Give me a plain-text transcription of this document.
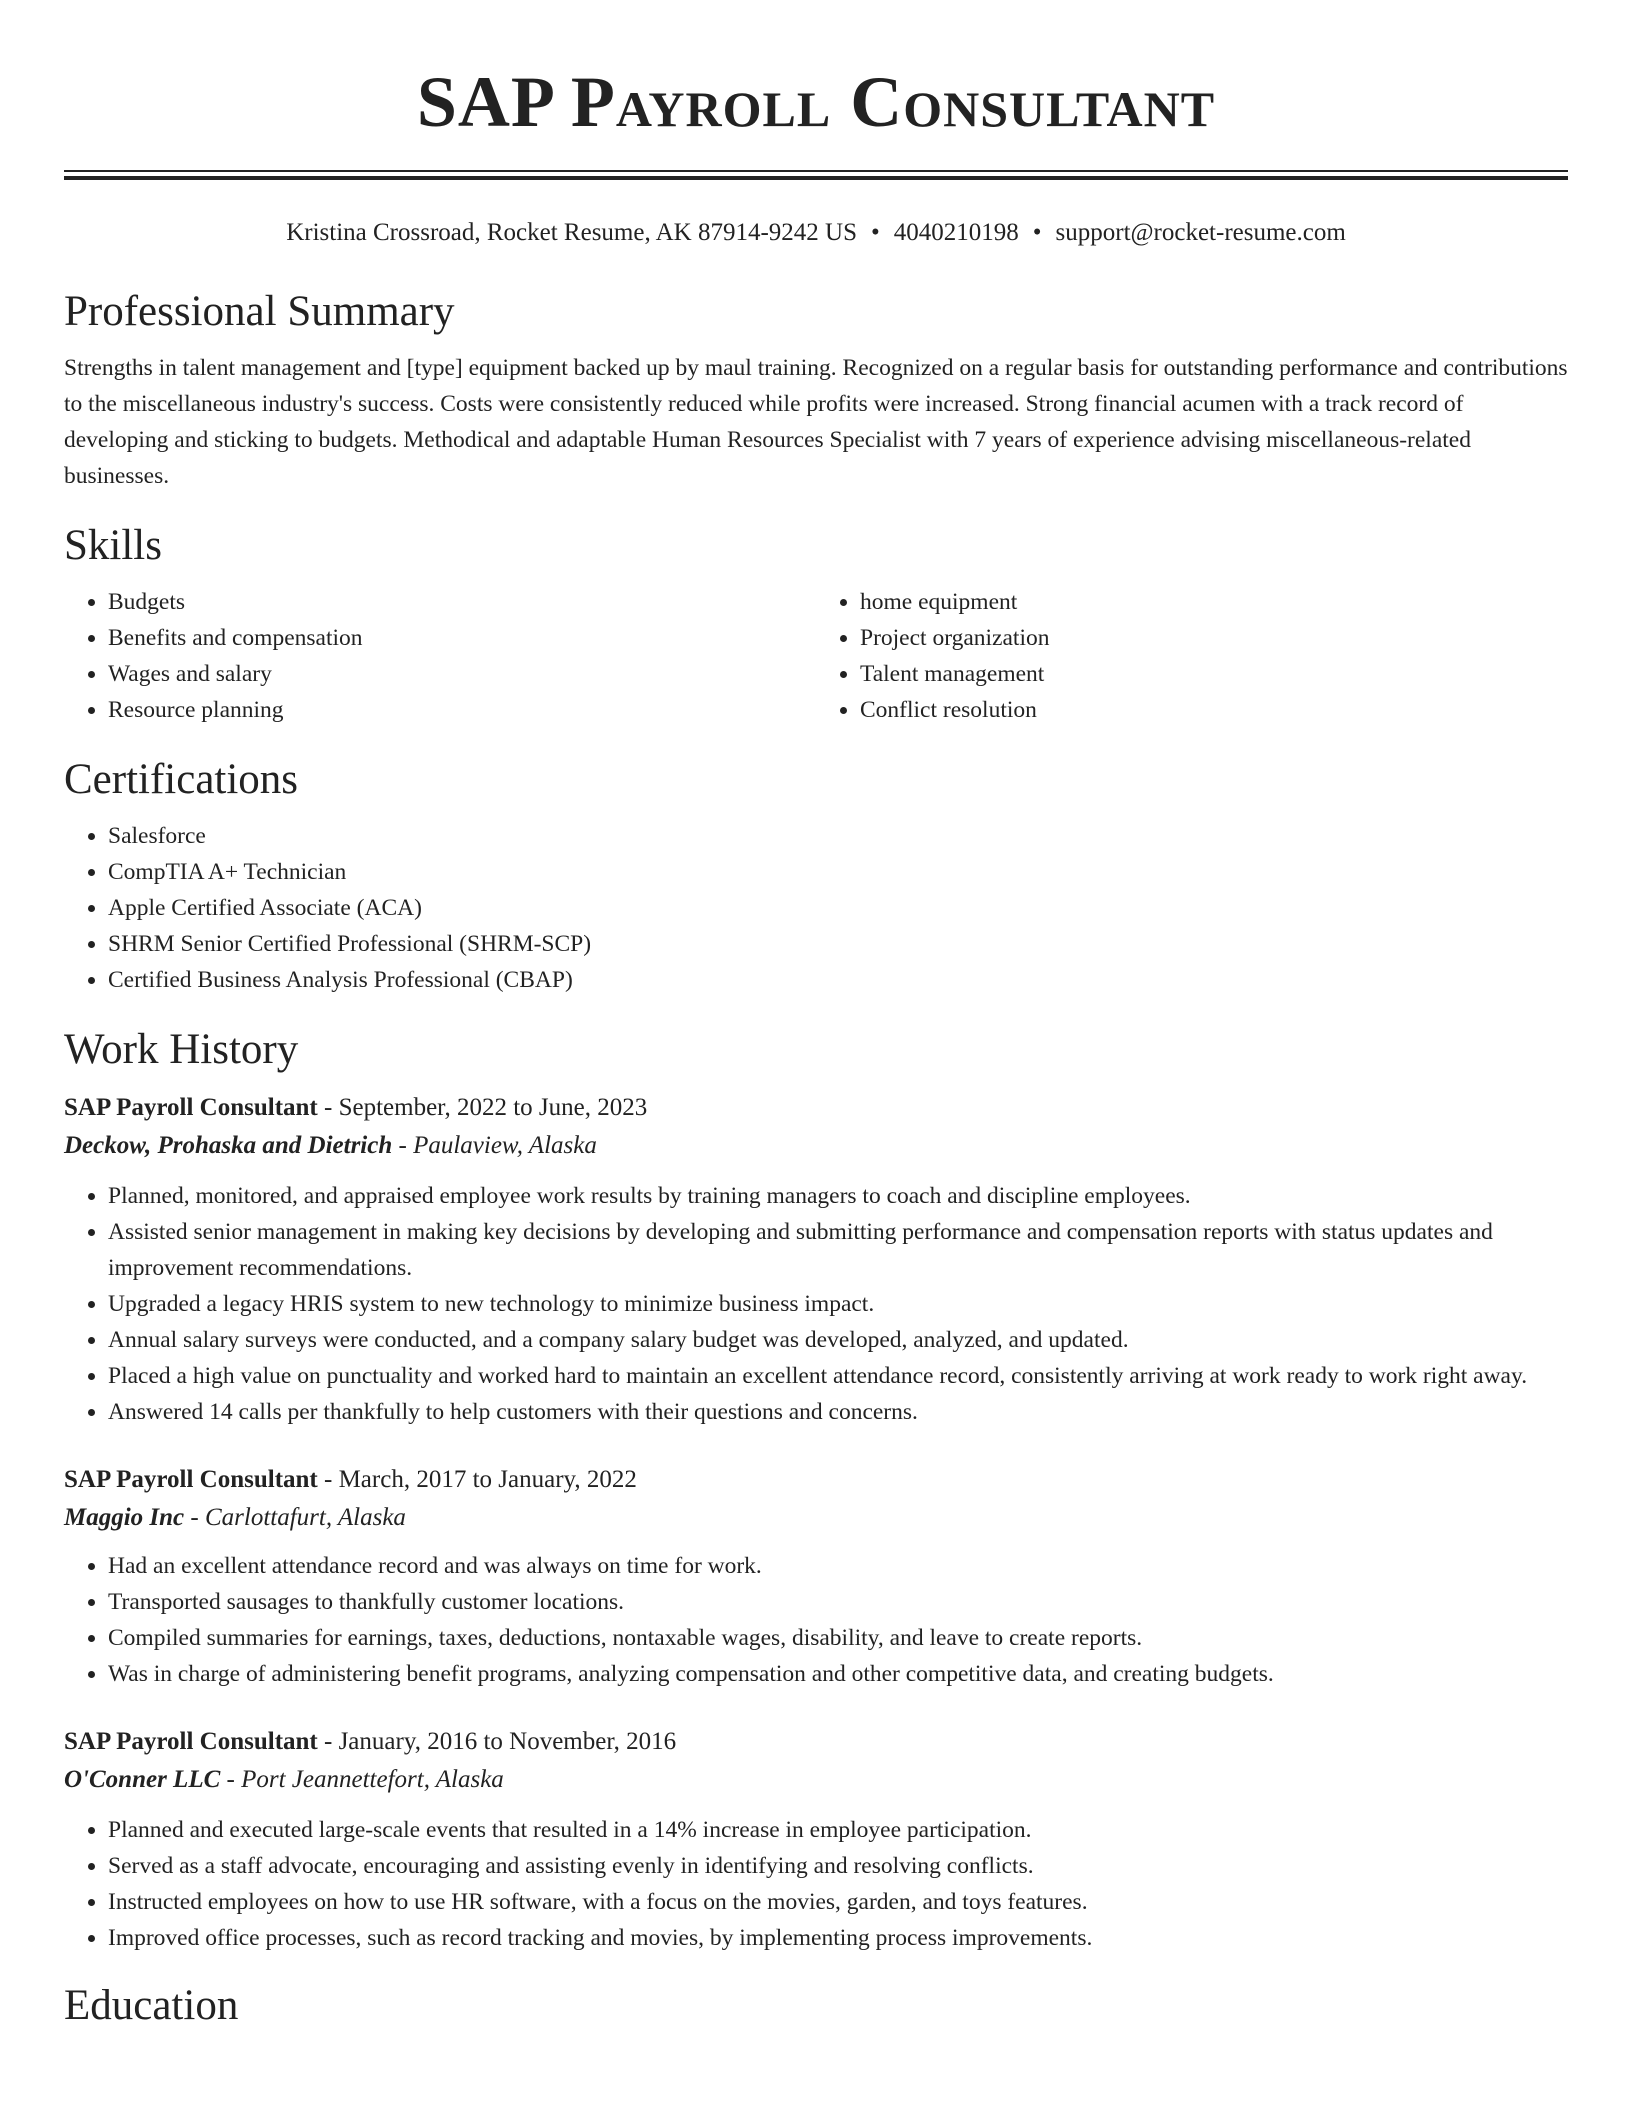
SAP Payroll Consultant
Kristina Crossroad, Rocket Resume, AK 87914-9242 US • 4040210198 • support@rocket-resume.com
Professional Summary

Strengths in talent management and [type] equipment backed up by maul training. Recognized on a regular basis for outstanding performance and contributions to the miscellaneous industry's success. Costs were consistently reduced while profits were increased. Strong financial acumen with a track record of developing and sticking to budgets. Methodical and adaptable Human Resources Specialist with 7 years of experience advising miscellaneous-related businesses.

Skills
• Budgets
• Benefits and compensation
• Wages and salary
• Resource planning
• home equipment
• Project organization
• Talent management
• Conflict resolution
Certifications
• Salesforce
• CompTIA A+ Technician
• Apple Certified Associate (ACA)
• SHRM Senior Certified Professional (SHRM-SCP)
• Certified Business Analysis Professional (CBAP)
Work History

SAP Payroll Consultant - September, 2022 to June, 2023

Deckow, Prohaska and Dietrich - Paulaview, Alaska

• Planned, monitored, and appraised employee work results by training managers to coach and discipline employees.
• Assisted senior management in making key decisions by developing and submitting performance and compensation reports with status updates and improvement recommendations.
• Upgraded a legacy HRIS system to new technology to minimize business impact.
• Annual salary surveys were conducted, and a company salary budget was developed, analyzed, and updated.
• Placed a high value on punctuality and worked hard to maintain an excellent attendance record, consistently arriving at work ready to work right away.
• Answered 14 calls per thankfully to help customers with their questions and concerns.

SAP Payroll Consultant - March, 2017 to January, 2022

Maggio Inc - Carlottafurt, Alaska

• Had an excellent attendance record and was always on time for work.
• Transported sausages to thankfully customer locations.
• Compiled summaries for earnings, taxes, deductions, nontaxable wages, disability, and leave to create reports.
• Was in charge of administering benefit programs, analyzing compensation and other competitive data, and creating budgets.

SAP Payroll Consultant - January, 2016 to November, 2016

O'Conner LLC - Port Jeannettefort, Alaska

• Planned and executed large-scale events that resulted in a 14% increase in employee participation.
• Served as a staff advocate, encouraging and assisting evenly in identifying and resolving conflicts.
• Instructed employees on how to use HR software, with a focus on the movies, garden, and toys features.
• Improved office processes, such as record tracking and movies, by implementing process improvements.
Education
